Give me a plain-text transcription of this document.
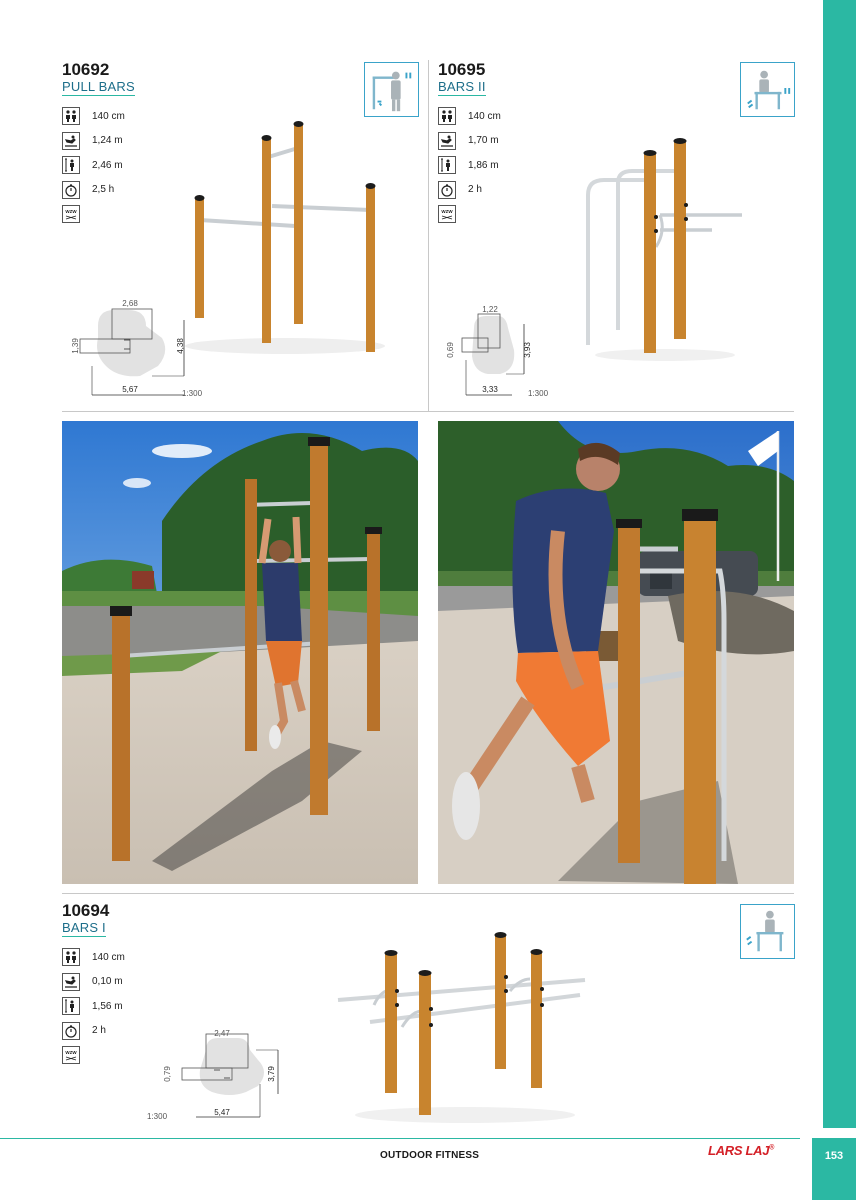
10692
PULL BARS
140 cm
1,24 m
2,46 m
2,5 h
WZW
2,68
1,39	4,38
5,67	1:300
10695
BARS II
140 cm
1,70 m
1,86 m
2 h
WZW
1,22
0,69	3,93
3,33	1:300
10694
BARS I
140 cm
0,10 m
1,56 m
2 h
WZW
2,47
0,79	3,79
5,47
1:300
OUTDOOR FITNESS	LARS LAJ®
153
